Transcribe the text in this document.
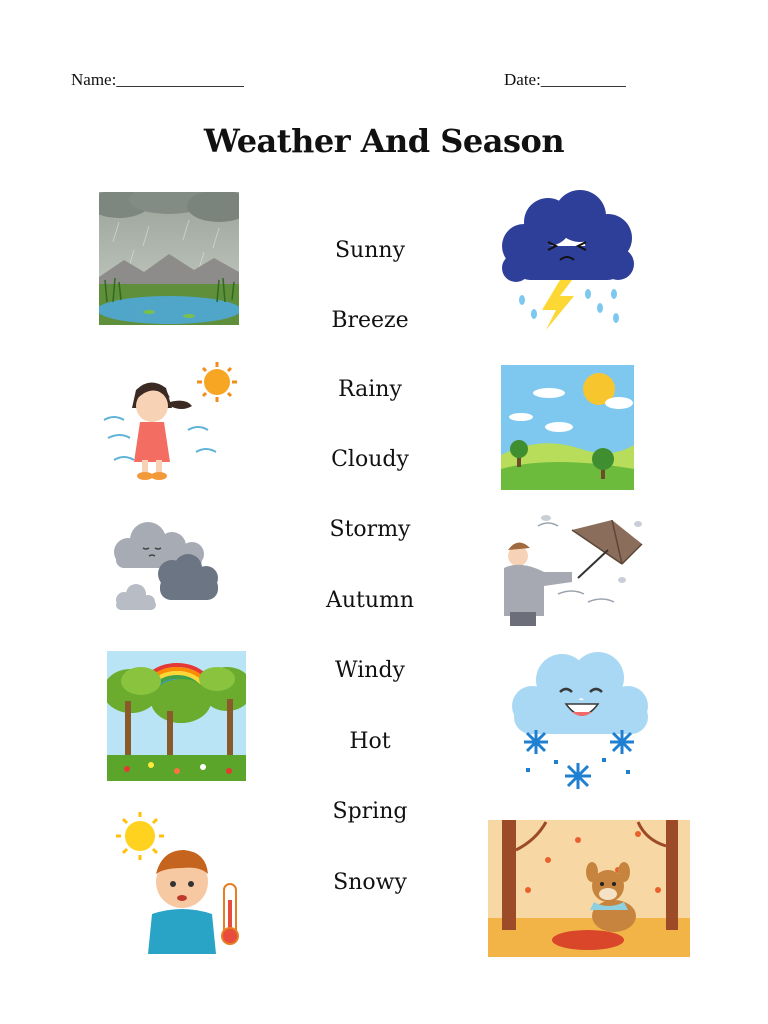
Name:_______________	Date:__________
Weather And Season
Sunny
Breeze
Rainy
Cloudy
Stormy
Autumn
Windy
Hot
Spring
Snowy
